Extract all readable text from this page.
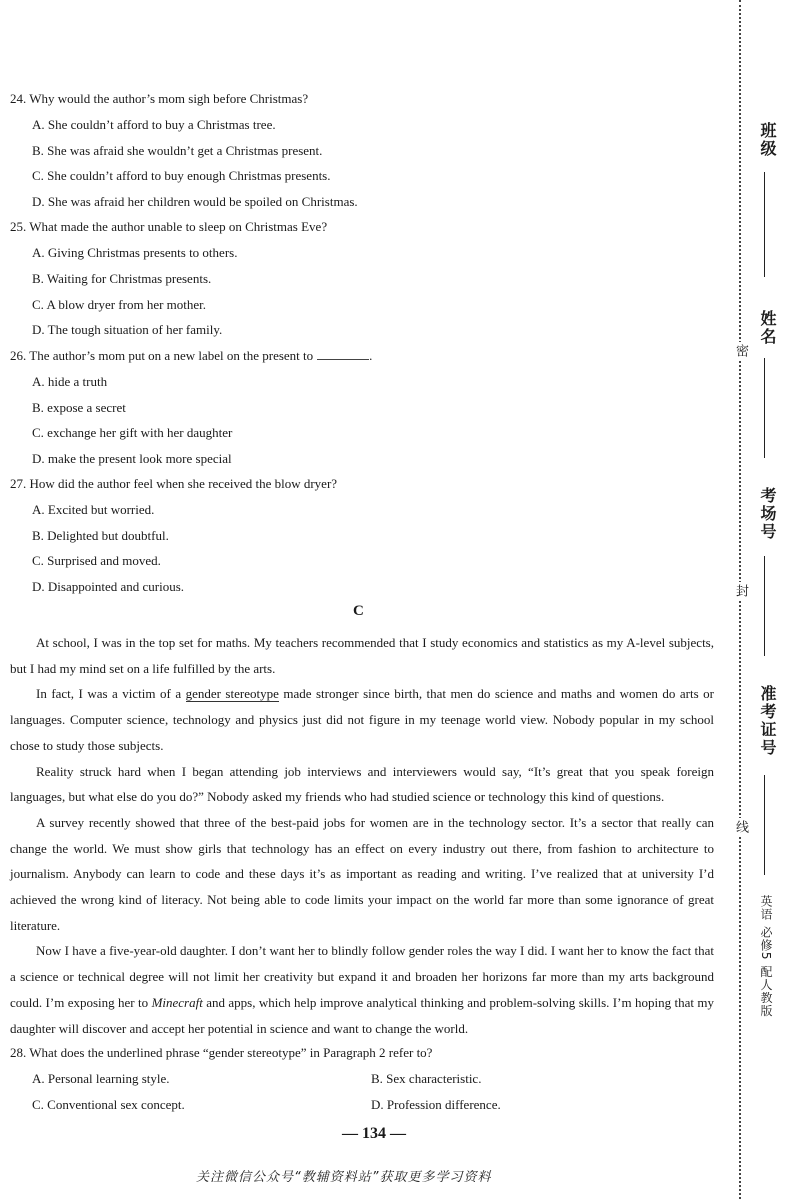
24. Why would the author’s mom sigh before Christmas?
A. She couldn’t afford to buy a Christmas tree.
B. She was afraid she wouldn’t get a Christmas present.
C. She couldn’t afford to buy enough Christmas presents.
D. She was afraid her children would be spoiled on Christmas.
25. What made the author unable to sleep on Christmas Eve?
A. Giving Christmas presents to others.
B. Waiting for Christmas presents.
C. A blow dryer from her mother.
D. The tough situation of her family.
26. The author’s mom put on a new label on the present to	.
A. hide a truth
B. expose a secret
C. exchange her gift with her daughter
D. make the present look more special
27. How did the author feel when she received the blow dryer?
A. Excited but worried.
B. Delighted but doubtful.
C. Surprised and moved.
D. Disappointed and curious.
C

At school, I was in the top set for maths. My teachers recommended that I study economics and statistics as my A-level subjects, but I had my mind set on a life fulfilled by the arts.

In fact, I was a victim of a gender stereotype made stronger since birth, that men do science and maths and women do arts or languages. Computer science, technology and physics just did not figure in my teenage world view. Nobody popular in my school chose to study those subjects.

Reality struck hard when I began attending job interviews and interviewers would say, “It’s great that you speak foreign languages, but what else do you do?” Nobody asked my friends who had studied science or technology this kind of questions.

A survey recently showed that three of the best-paid jobs for women are in the technology sector. It’s a sector that really can change the world. We must show girls that technology has an effect on every industry out there, from fashion to architecture to journalism. Anybody can learn to code and these days it’s as important as reading and writing. I’ve realized that at university I’d achieved the wrong kind of literacy. Not being able to code limits your impact on the world far more than some ignorance of great literature.

Now I have a five-year-old daughter. I don’t want her to blindly follow gender roles the way I did. I want her to know the fact that a science or technical degree will not limit her creativity but expand it and broaden her horizons far more than my arts background could. I’m exposing her to Minecraft and apps, which help improve analytical thinking and problem-solving skills. I’m hoping that my daughter will discover and accept her potential in science and want to change the world.

28. What does the underlined phrase “gender stereotype” in Paragraph 2 refer to?
A. Personal learning style.	B. Sex characteristic.
C. Conventional sex concept.	D. Profession difference.
— 134 —
关注微信公众号“教辅资料站”获取更多学习资料
班级
姓名
考场号
准考证号
密
封
线
英语 必修5 配人教版
